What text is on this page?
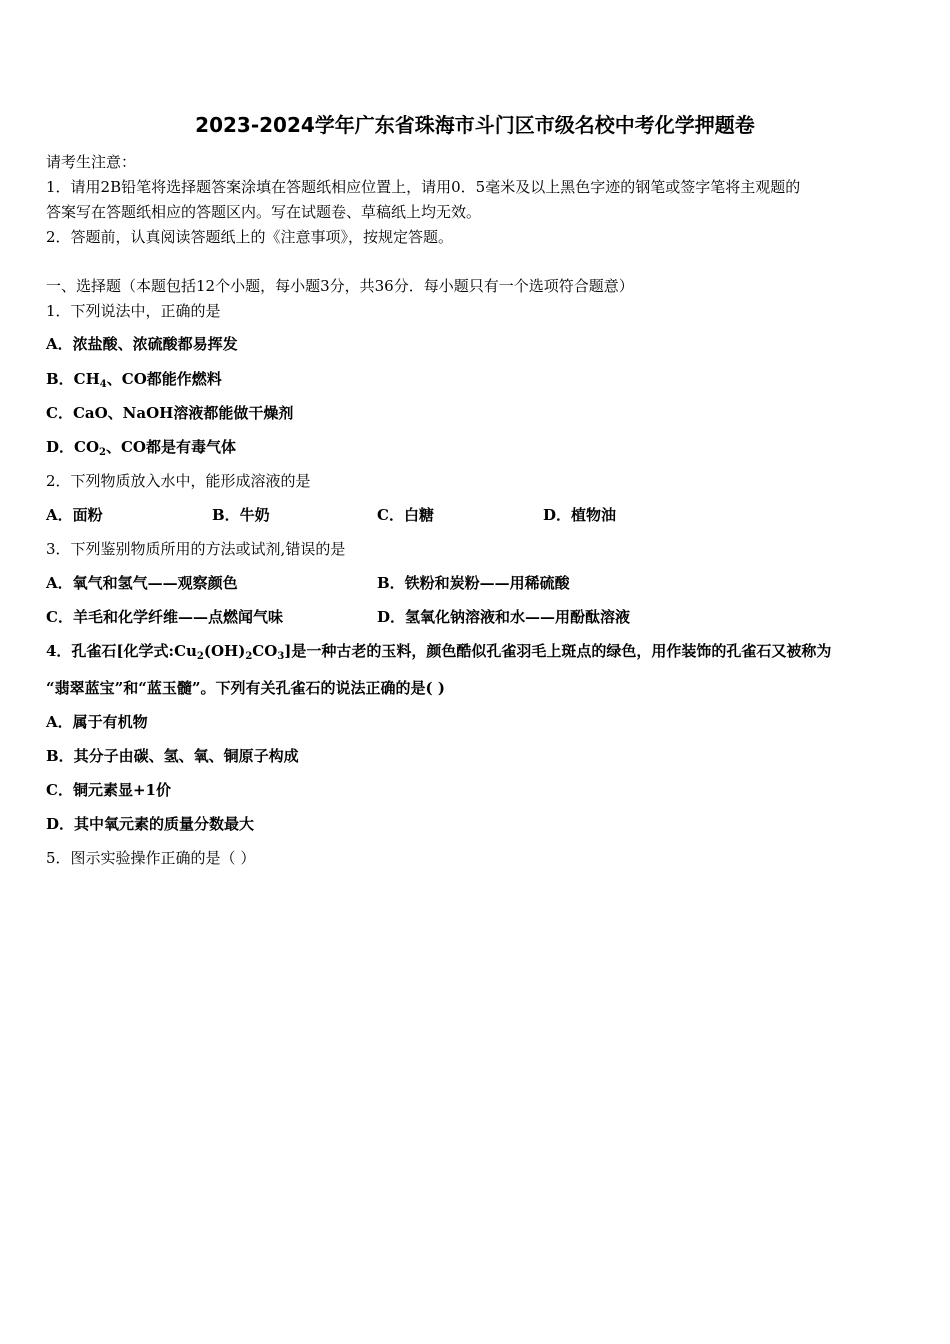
2023-2024学年广东省珠海市斗门区市级名校中考化学押题卷
请考生注意：
1．请用2B铅笔将选择题答案涂填在答题纸相应位置上，请用0．5毫米及以上黑色字迹的钢笔或签字笔将主观题的
答案写在答题纸相应的答题区内。写在试题卷、草稿纸上均无效。
2．答题前，认真阅读答题纸上的《注意事项》，按规定答题。
一、选择题（本题包括12个小题，每小题3分，共36分．每小题只有一个选项符合题意）
1．下列说法中，正确的是
A．浓盐酸、浓硫酸都易挥发
B．$CH_4$、CO都能作燃料
C．CaO、NaOH溶液都能做干燥剂
D．$CO_2$、CO都是有毒气体
2．下列物质放入水中，能形成溶液的是
A．面粉	B．牛奶	C．白糖	D．植物油
3．下列鉴别物质所用的方法或试剂,错误的是
A．氧气和氢气——观察颜色	B．铁粉和炭粉——用稀硫酸
C．羊毛和化学纤维——点燃闻气味	D．氢氧化钠溶液和水——用酚酞溶液
4．孔雀石[化学式$:Cu_2(OH)_2CO_3$]是一种古老的玉料，颜色酷似孔雀羽毛上斑点的绿色，用作装饰的孔雀石又被称为
“翡翠蓝宝”和“蓝玉髓”。下列有关孔雀石的说法正确的是( )
A．属于有机物
B．其分子由碳、氢、氧、铜原子构成
C．铜元素显+1价
D．其中氧元素的质量分数最大
5．图示实验操作正确的是（ ）
